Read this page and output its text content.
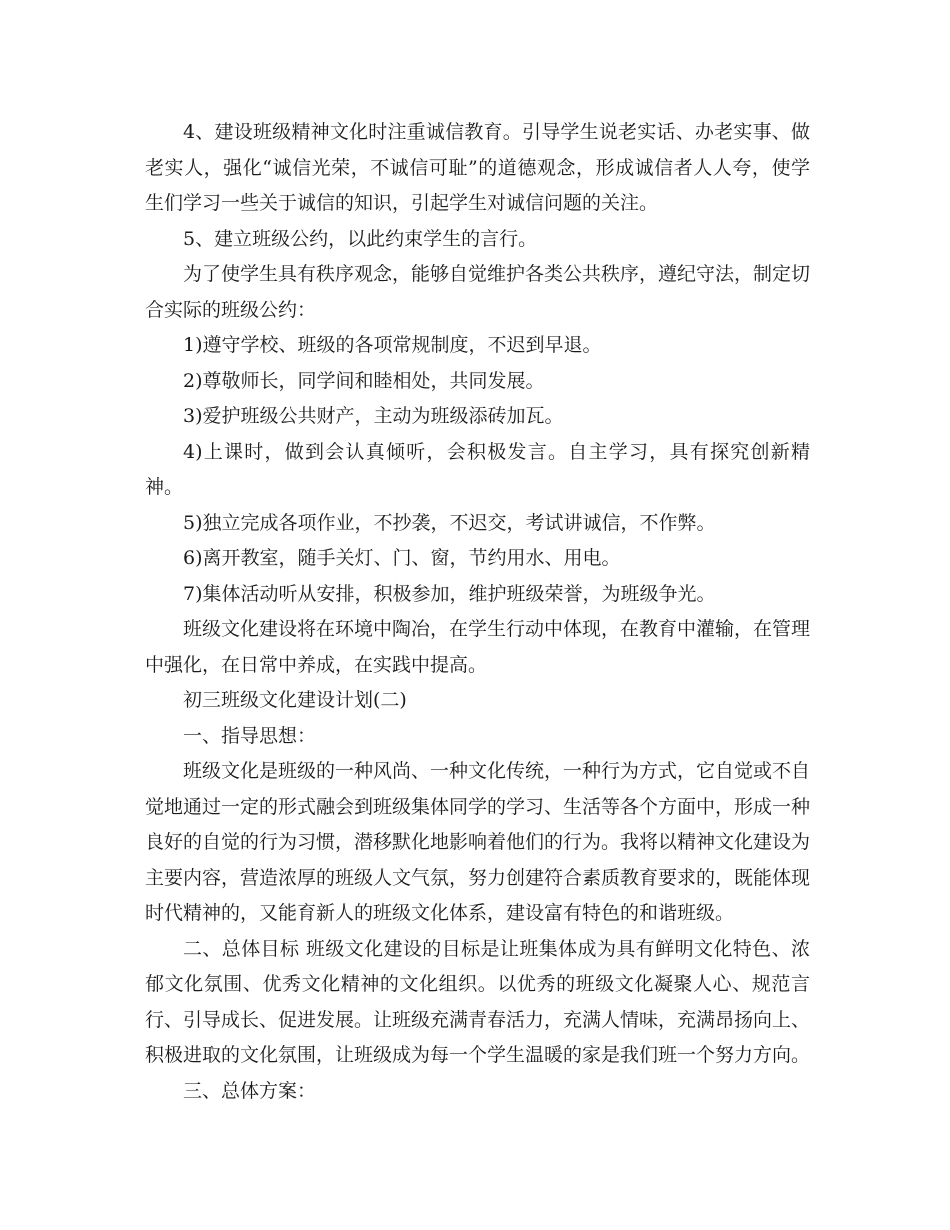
4、建设班级精神文化时注重诚信教育。引导学生说老实话、办老实事、做老实人，强化“诚信光荣，不诚信可耻”的道德观念，形成诚信者人人夸，使学生们学习一些关于诚信的知识，引起学生对诚信问题的关注。

5、建立班级公约，以此约束学生的言行。

为了使学生具有秩序观念，能够自觉维护各类公共秩序，遵纪守法，制定切合实际的班级公约：

1)遵守学校、班级的各项常规制度，不迟到早退。

2)尊敬师长，同学间和睦相处，共同发展。

3)爱护班级公共财产，主动为班级添砖加瓦。

4)上课时，做到会认真倾听，会积极发言。自主学习，具有探究创新精神。

5)独立完成各项作业，不抄袭，不迟交，考试讲诚信，不作弊。

6)离开教室，随手关灯、门、窗，节约用水、用电。

7)集体活动听从安排，积极参加，维护班级荣誉，为班级争光。

班级文化建设将在环境中陶冶，在学生行动中体现，在教育中灌输，在管理中强化，在日常中养成，在实践中提高。

初三班级文化建设计划(二)

一、指导思想：

班级文化是班级的一种风尚、一种文化传统，一种行为方式，它自觉或不自觉地通过一定的形式融会到班级集体同学的学习、生活等各个方面中，形成一种良好的自觉的行为习惯，潜移默化地影响着他们的行为。我将以精神文化建设为主要内容，营造浓厚的班级人文气氛，努力创建符合素质教育要求的，既能体现时代精神的，又能育新人的班级文化体系，建设富有特色的和谐班级。

二、总体目标 班级文化建设的目标是让班集体成为具有鲜明文化特色、浓郁文化氛围、优秀文化精神的文化组织。以优秀的班级文化凝聚人心、规范言行、引导成长、促进发展。让班级充满青春活力，充满人情味，充满昂扬向上、积极进取的文化氛围，让班级成为每一个学生温暖的家是我们班一个努力方向。

三、总体方案：
